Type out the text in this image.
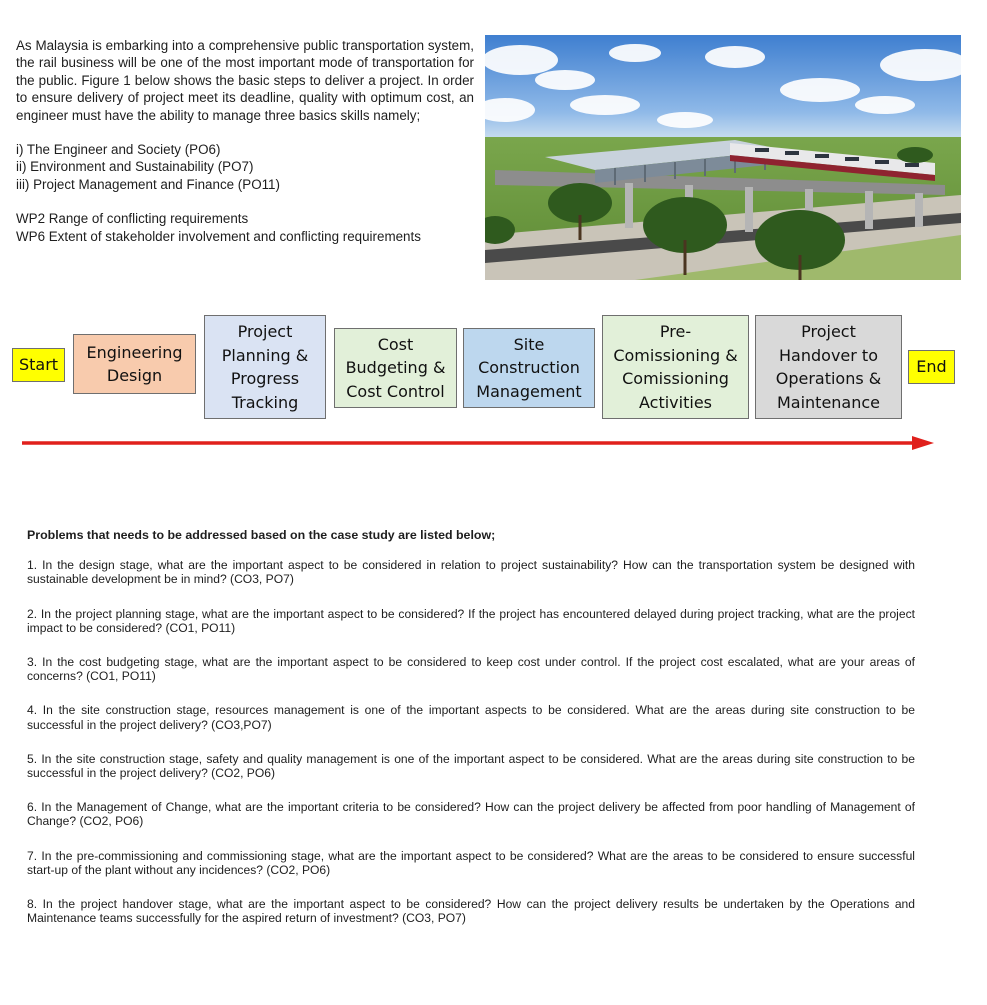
As Malaysia is embarking into a comprehensive public transportation system, the rail business will be one of the most important mode of transportation for the public. Figure 1 below shows the basic steps to deliver a project. In order to ensure delivery of project meet its deadline, quality with optimum cost, an engineer must have the ability to manage three basics skills namely;

i) The Engineer and Society (PO6)

ii) Environment and Sustainability (PO7)

iii) Project Management and Finance (PO11)

WP2 Range of conflicting requirements

WP6 Extent of stakeholder involvement and conflicting requirements

Start
Engineering
Design
Project
Planning &
Progress
Tracking
Cost
Budgeting &
Cost Control
Site
Construction
Management
Pre-
Comissioning &
Comissioning
Activities
Project
Handover to
Operations &
Maintenance
End
Problems that needs to be addressed based on the case study are listed below;
1. In the design stage, what are the important aspect to be considered in relation to project sustainability? How can the transportation system be designed with sustainable development be in mind? (CO3, PO7)
2. In the project planning stage, what are the important aspect to be considered? If the project has encountered delayed during project tracking, what are the project impact to be considered? (CO1, PO11)
3. In the cost budgeting stage, what are the important aspect to be considered to keep cost under control. If the project cost escalated, what are your areas of concerns? (CO1, PO11)
4. In the site construction stage, resources management is one of the important aspects to be considered. What are the areas during site construction to be successful in the project delivery? (CO3,PO7)
5. In the site construction stage, safety and quality management is one of the important aspect to be considered. What are the areas during site construction to be successful in the project delivery? (CO2, PO6)
6. In the Management of Change, what are the important criteria to be considered? How can the project delivery be affected from poor handling of Management of Change? (CO2, PO6)
7. In the pre-commissioning and commissioning stage, what are the important aspect to be considered? What are the areas to be considered to ensure successful start-up of the plant without any incidences? (CO2, PO6)
8. In the project handover stage, what are the important aspect to be considered? How can the project delivery results be undertaken by the Operations and Maintenance teams successfully for the aspired return of investment? (CO3, PO7)
